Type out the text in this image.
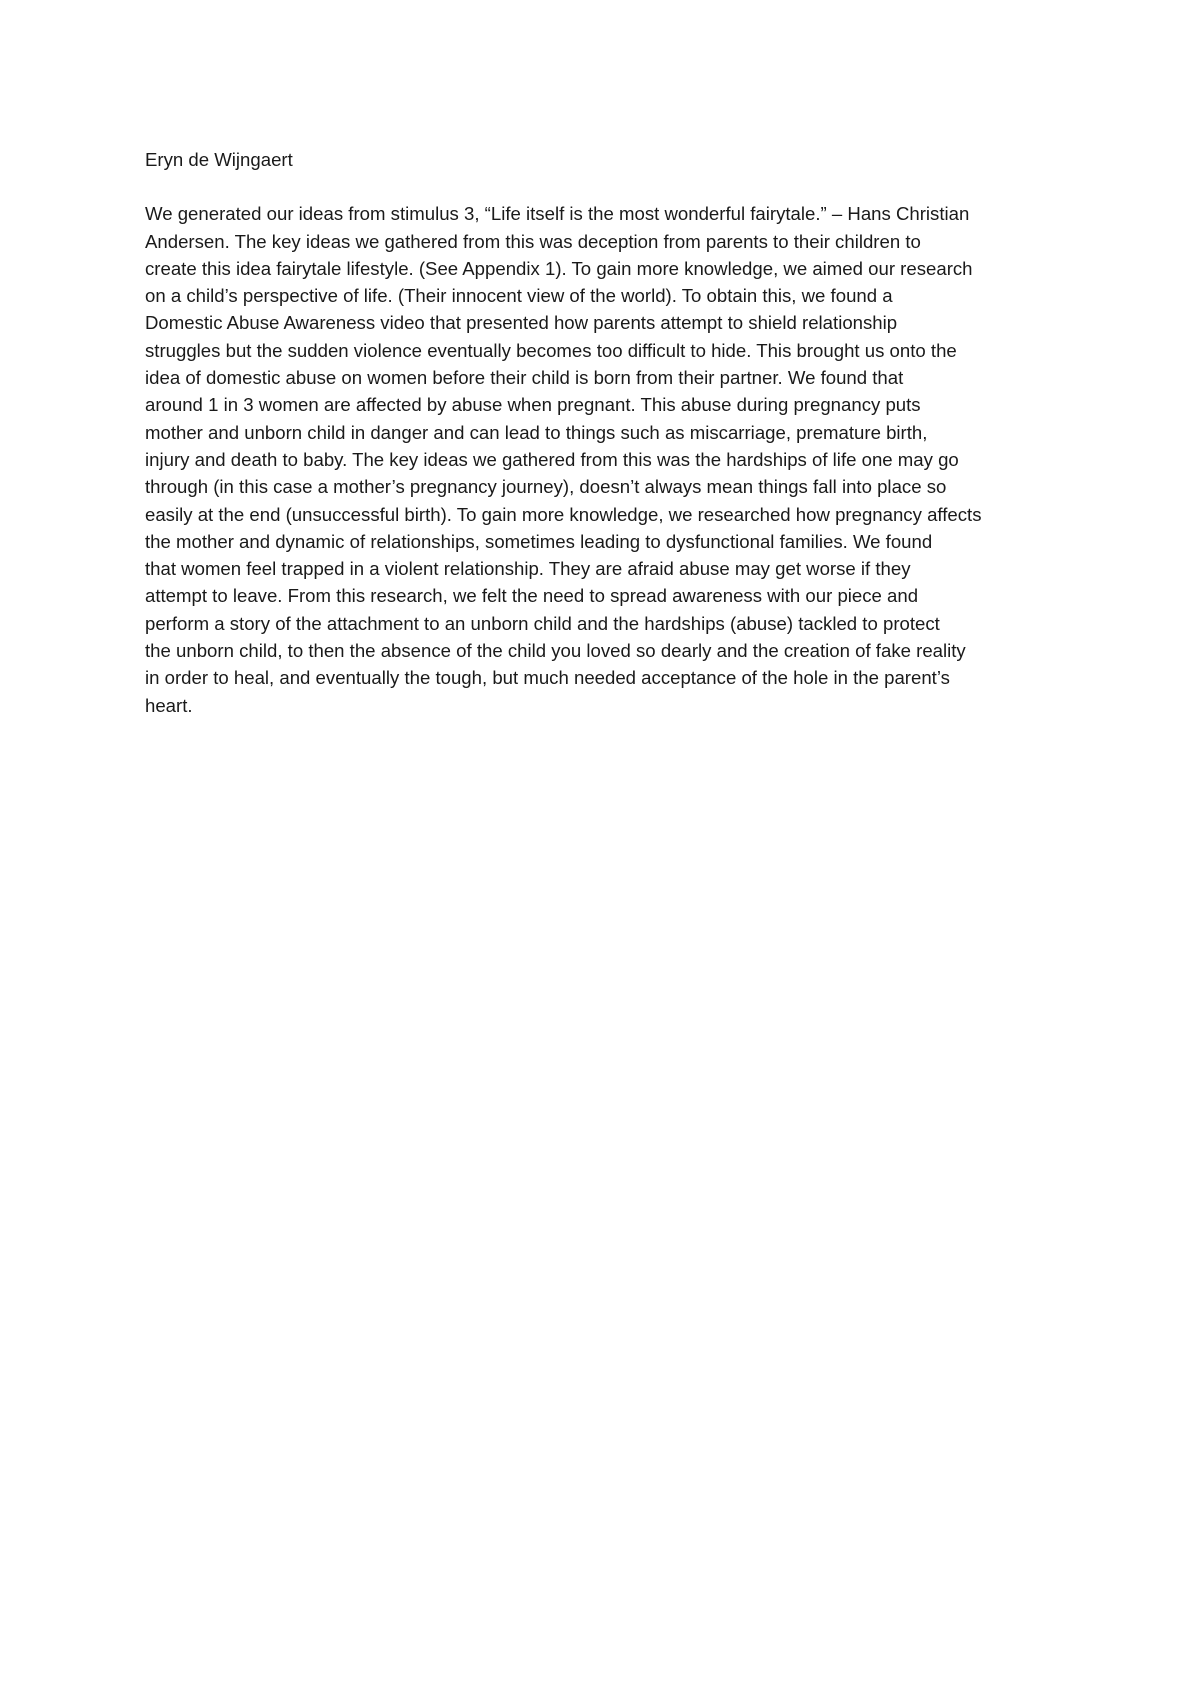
Eryn de Wijngaert

We generated our ideas from stimulus 3, “Life itself is the most wonderful fairytale.” – Hans Christian
Andersen. The key ideas we gathered from this was deception from parents to their children to
create this idea fairytale lifestyle. (See Appendix 1). To gain more knowledge, we aimed our research
on a child’s perspective of life. (Their innocent view of the world). To obtain this, we found a
Domestic Abuse Awareness video that presented how parents attempt to shield relationship
struggles but the sudden violence eventually becomes too difficult to hide. This brought us onto the
idea of domestic abuse on women before their child is born from their partner. We found that
around 1 in 3 women are affected by abuse when pregnant. This abuse during pregnancy puts
mother and unborn child in danger and can lead to things such as miscarriage, premature birth,
injury and death to baby. The key ideas we gathered from this was the hardships of life one may go
through (in this case a mother’s pregnancy journey), doesn’t always mean things fall into place so
easily at the end (unsuccessful birth). To gain more knowledge, we researched how pregnancy affects
the mother and dynamic of relationships, sometimes leading to dysfunctional families. We found
that women feel trapped in a violent relationship. They are afraid abuse may get worse if they
attempt to leave. From this research, we felt the need to spread awareness with our piece and
perform a story of the attachment to an unborn child and the hardships (abuse) tackled to protect
the unborn child, to then the absence of the child you loved so dearly and the creation of fake reality
in order to heal, and eventually the tough, but much needed acceptance of the hole in the parent’s
heart.
